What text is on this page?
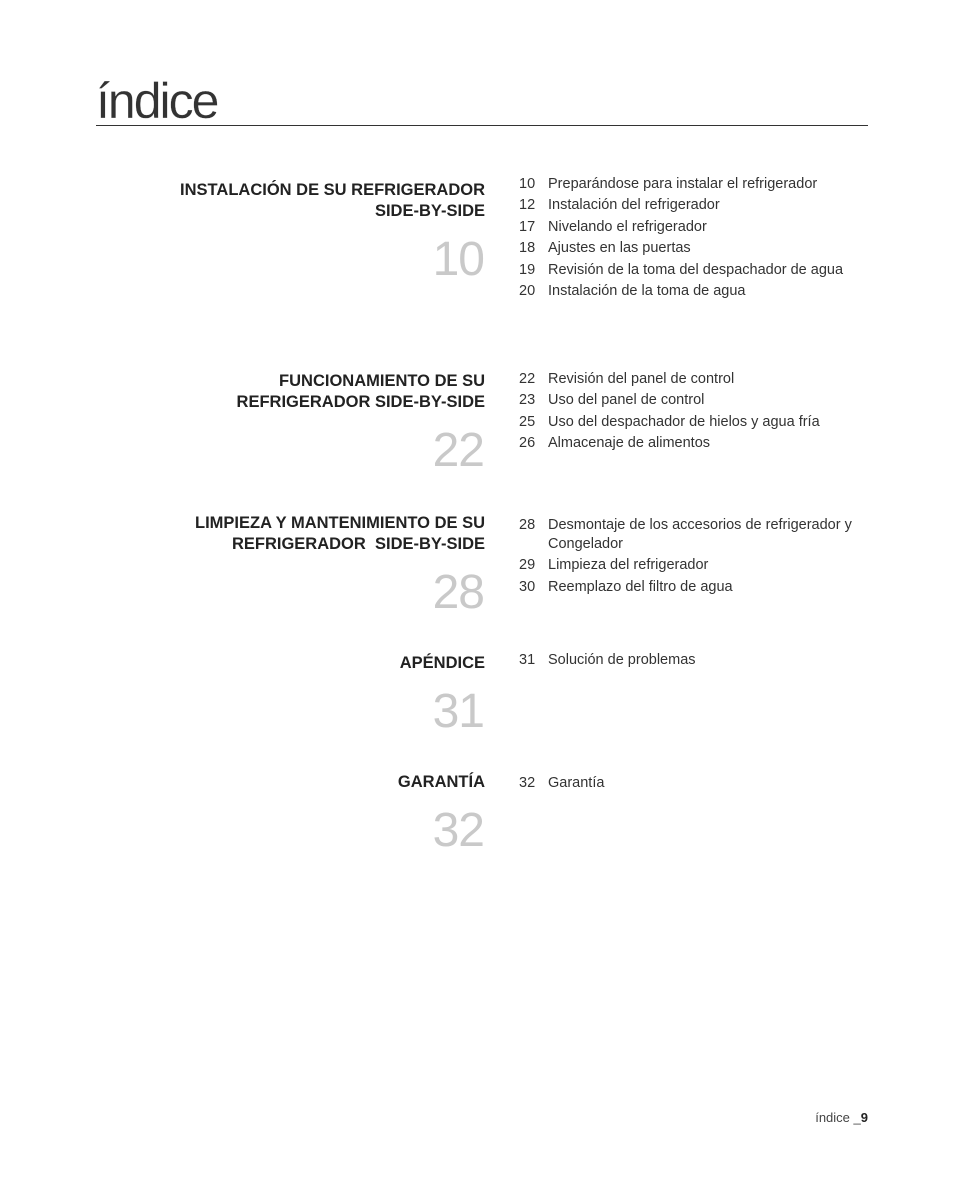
índice
INSTALACIÓN DE SU REFRIGERADOR
SIDE-BY-SIDE
10
10 Preparándose para instalar el refrigerador
12 Instalación del refrigerador
17 Nivelando el refrigerador
18 Ajustes en las puertas
19 Revisión de la toma del despachador de agua
20 Instalación de la toma de agua
FUNCIONAMIENTO DE SU
REFRIGERADOR SIDE-BY-SIDE
22
22 Revisión del panel de control
23 Uso del panel de control
25 Uso del despachador de hielos y agua fría
26 Almacenaje de alimentos
LIMPIEZA Y MANTENIMIENTO DE SU
REFRIGERADOR  SIDE-BY-SIDE
28
28 Desmontaje de los accesorios de refrigerador y Congelador
29 Limpieza del refrigerador
30 Reemplazo del filtro de agua
APÉNDICE
31
31 Solución de problemas
GARANTÍA
32
32 Garantía
índice _9
